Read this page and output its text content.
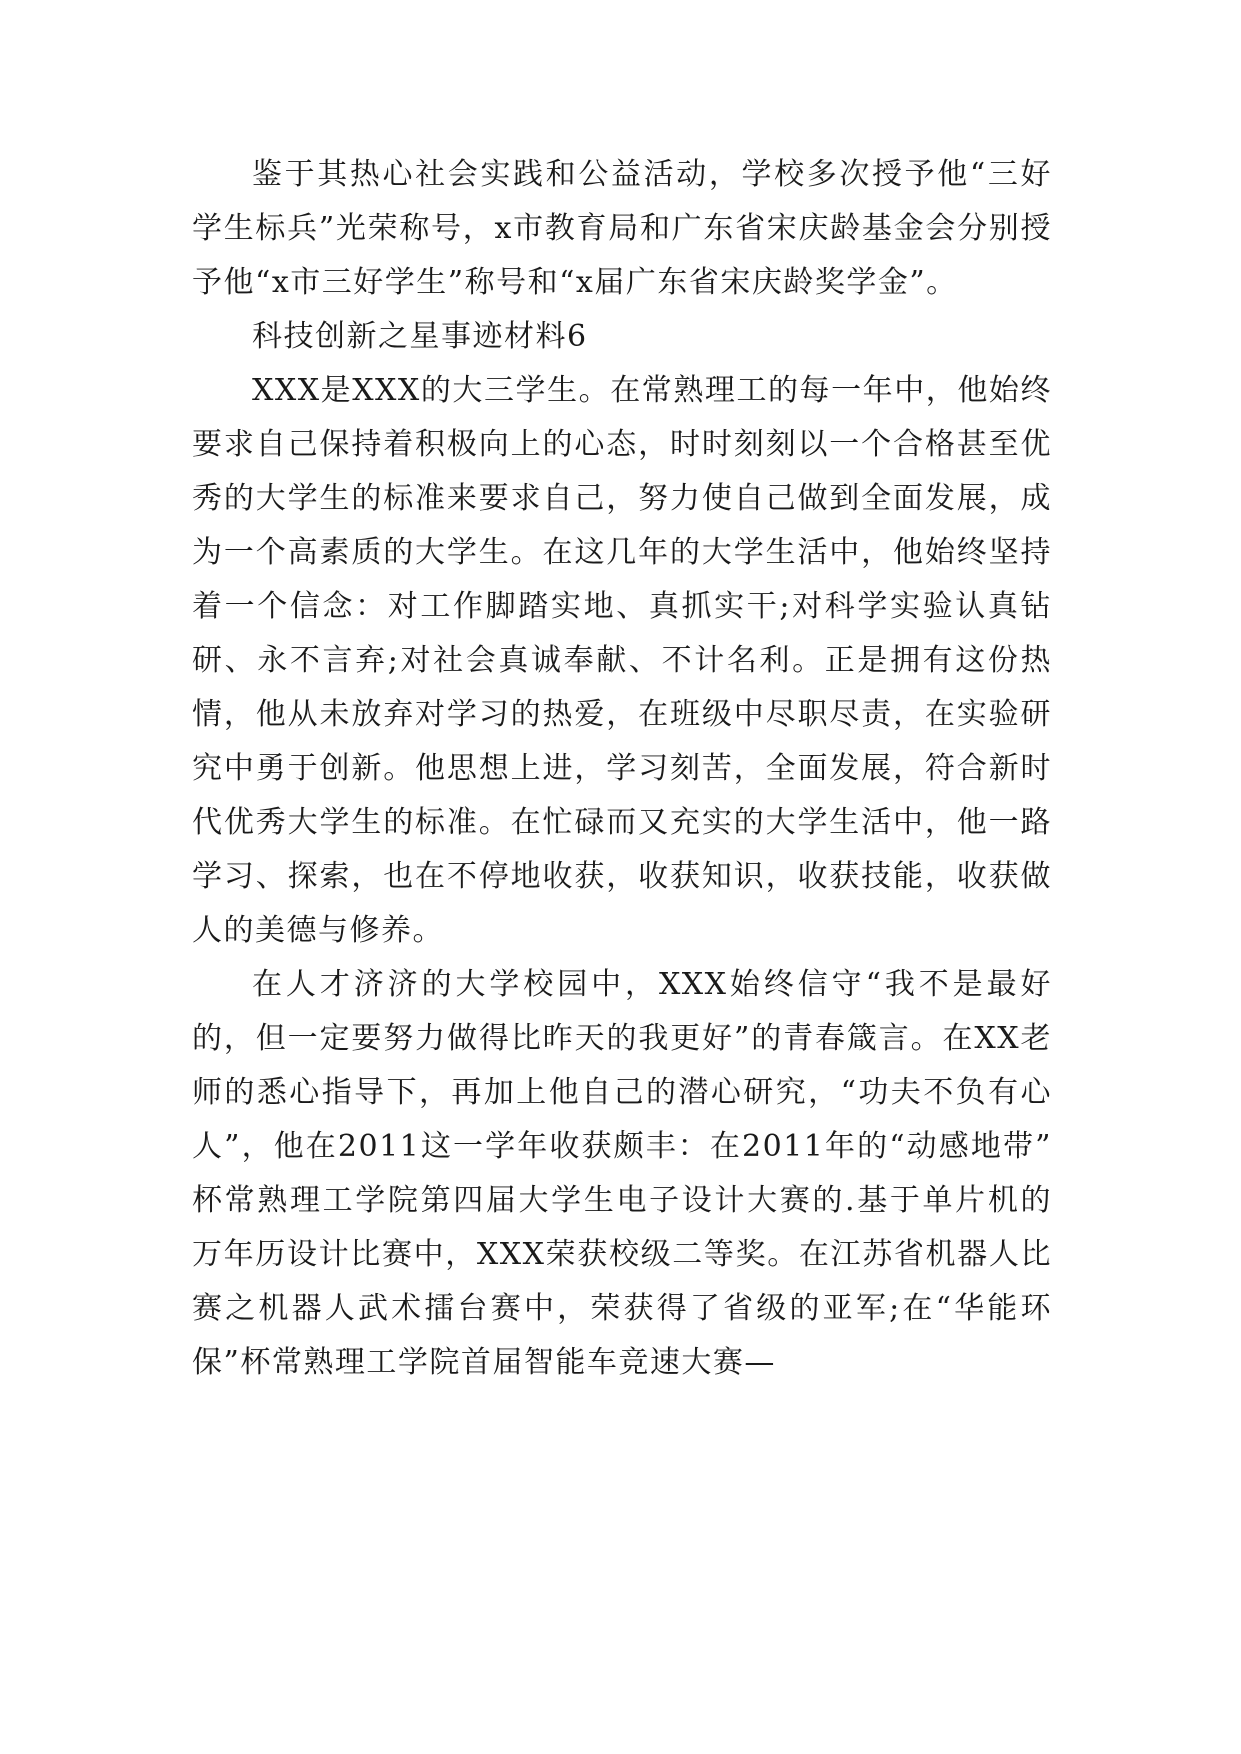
鉴于其热心社会实践和公益活动，学校多次授予他“三好学生标兵”光荣称号，x市教育局和广东省宋庆龄基金会分别授予他“x市三好学生”称号和“x届广东省宋庆龄奖学金”。

科技创新之星事迹材料6

XXX是XXX的大三学生。在常熟理工的每一年中，他始终要求自己保持着积极向上的心态，时时刻刻以一个合格甚至优秀的大学生的标准来要求自己，努力使自己做到全面发展，成为一个高素质的大学生。在这几年的大学生活中，他始终坚持着一个信念：对工作脚踏实地、真抓实干;对科学实验认真钻研、永不言弃;对社会真诚奉献、不计名利。正是拥有这份热情，他从未放弃对学习的热爱，在班级中尽职尽责，在实验研究中勇于创新。他思想上进，学习刻苦，全面发展，符合新时代优秀大学生的标准。在忙碌而又充实的大学生活中，他一路学习、探索，也在不停地收获，收获知识，收获技能，收获做人的美德与修养。

在人才济济的大学校园中，XXX始终信守“我不是最好的，但一定要努力做得比昨天的我更好”的青春箴言。在XX老师的悉心指导下，再加上他自己的潜心研究，“功夫不负有心人”，他在2011这一学年收获颇丰：在2011年的“动感地带” 杯常熟理工学院第四届大学生电子设计大赛的.基于单片机的万年历设计比赛中，XXX荣获校级二等奖。在江苏省机器人比赛之机器人武术擂台赛中，荣获得了省级的亚军;在“华能环保”杯常熟理工学院首届智能车竞速大赛—
